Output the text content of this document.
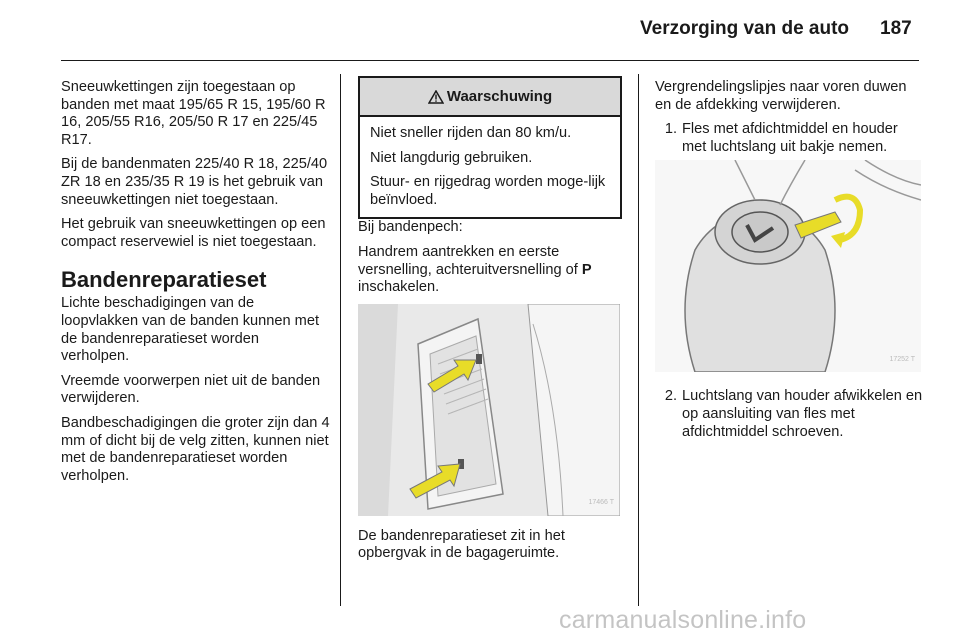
Verzorging van de auto 187

Sneeuwkettingen zijn toegestaan op banden met maat 195/65 R 15, 195/60 R 16, 205/55 R16, 205/50 R 17 en 225/45 R17.

Bij de bandenmaten 225/40 R 18, 225/40 ZR 18 en 235/35 R 19 is het gebruik van sneeuwkettingen niet toegestaan.

Het gebruik van sneeuwkettingen op een compact reservewiel is niet toegestaan.

Bandenreparatieset

Lichte beschadigingen van de loopvlakken van de banden kunnen met de bandenreparatieset worden verholpen.

Vreemde voorwerpen niet uit de banden verwijderen.

Bandbeschadigingen die groter zijn dan 4 mm of dicht bij de velg zitten, kunnen niet met de bandenreparatieset worden verholpen.

Waarschuwing

Niet sneller rijden dan 80 km/u.

Niet langdurig gebruiken.

Stuur- en rijgedrag worden moge-lijk beïnvloed.

Bij bandenpech:

Handrem aantrekken en eerste versnelling, achteruitversnelling of P inschakelen.

17466 T

De bandenreparatieset zit in het opbergvak in de bagageruimte.

Vergrendelingslipjes naar voren duwen en de afdekking verwijderen.

1. Fles met afdichtmiddel en houder met luchtslang uit bakje nemen.
17252 T
2. Luchtslang van houder afwikkelen en op aansluiting van fles met afdichtmiddel schroeven.
carmanualsonline.info
